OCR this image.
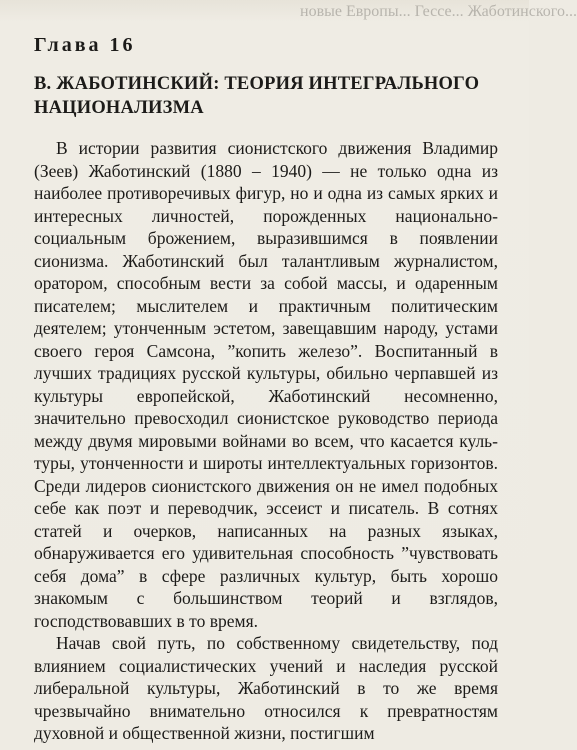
новые Европы... Гессе... Жаботинского...
Глава 16
В. ЖАБОТИНСКИЙ: ТЕОРИЯ ИНТЕГРАЛЬНОГО НАЦИОНАЛИЗМА

В истории развития сионистского движения Владимир (Зеев) Жаботинский (1880 – 1940) — не только одна из наиболее противоречивых фигур, но и одна из самых ярких и интересных личностей, порожденных национально-социальным брожением, выразившимся в появлении сионизма. Жаботинский был талантливым журналистом, оратором, способным вести за собой массы, и одаренным писателем; мыслителем и практичным политическим деятелем; утонченным эстетом, завещавшим народу, устами своего героя Самсона, ”копить железо”. Воспитанный в лучших традициях русской культуры, обильно черпавшей из культуры европейской, Жаботинский несомненно, значительно превосходил сионистское руководство периода между двумя мировыми войнами во всем, что касается культуры, утонченности и широты интеллектуальных горизонтов. Среди лидеров сионистского движения он не имел подобных себе как поэт и переводчик, эссеист и писатель. В сотнях статей и очерков, написанных на разных языках, обнаруживается его удивительная способность ”чувствовать себя дома” в сфере различных культур, быть хорошо знакомым с большинством теорий и взглядов, господствовавших в то время.

Начав свой путь, по собственному свидетельству, под влиянием социалистических учений и наследия русской либеральной культуры, Жаботинский в то же время чрезвычайно внимательно относился к превратностям духовной и общественной жизни, постигшим
